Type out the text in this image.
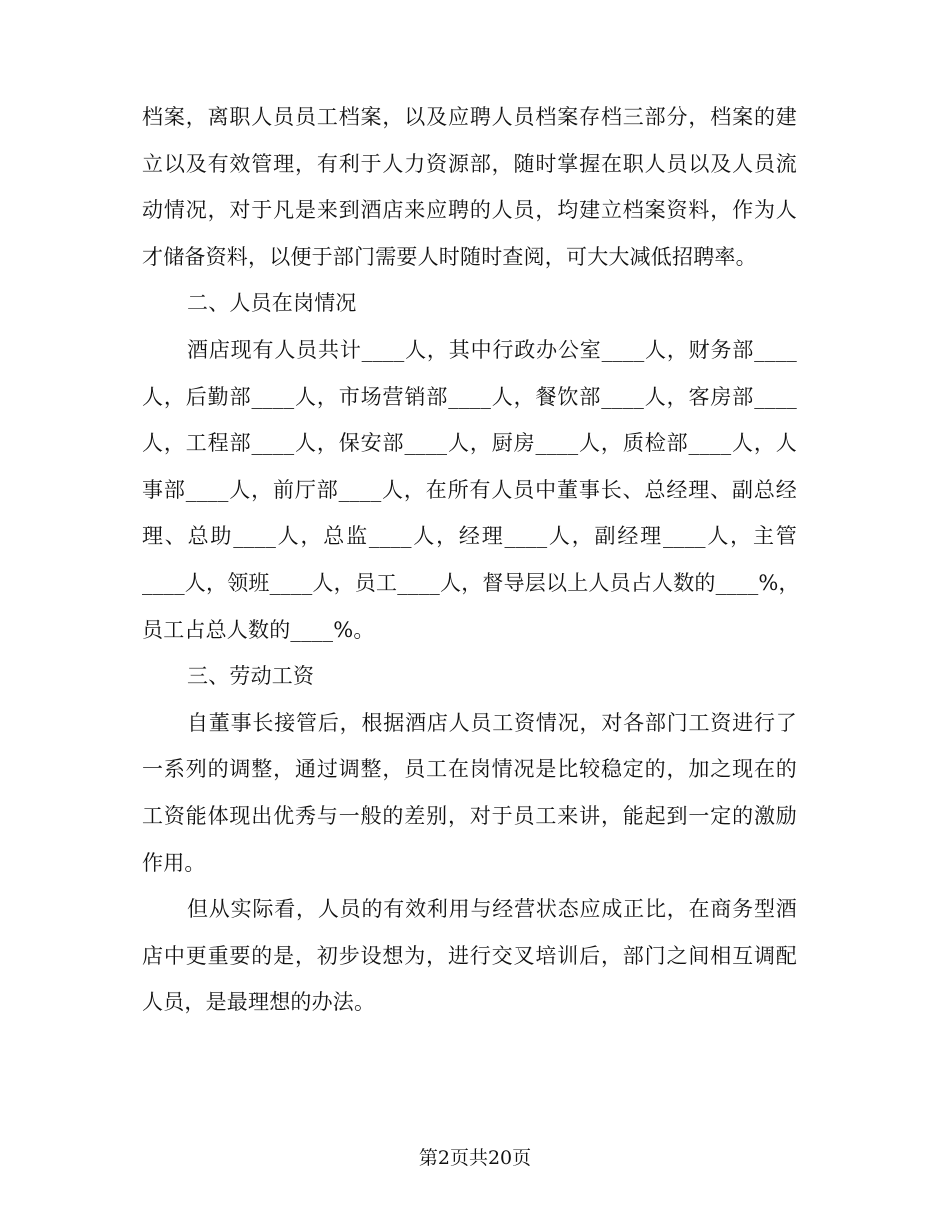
档案，离职人员员工档案，以及应聘人员档案存档三部分，档案的建
立以及有效管理，有利于人力资源部，随时掌握在职人员以及人员流
动情况，对于凡是来到酒店来应聘的人员，均建立档案资料，作为人
才储备资料，以便于部门需要人时随时查阅，可大大减低招聘率。
二、人员在岗情况
酒店现有人员共计____人，其中行政办公室____人，财务部____
人，后勤部____人，市场营销部____人，餐饮部____人，客房部____
人，工程部____人，保安部____人，厨房____人，质检部____人，人
事部____人，前厅部____人，在所有人员中董事长、总经理、副总经
理、总助____人，总监____人，经理____人，副经理____人，主管
____人，领班____人，员工____人，督导层以上人员占人数的____%，
员工占总人数的____%。
三、劳动工资
自董事长接管后，根据酒店人员工资情况，对各部门工资进行了
一系列的调整，通过调整，员工在岗情况是比较稳定的，加之现在的
工资能体现出优秀与一般的差别，对于员工来讲，能起到一定的激励
作用。
但从实际看，人员的有效利用与经营状态应成正比，在商务型酒
店中更重要的是，初步设想为，进行交叉培训后，部门之间相互调配
人员，是最理想的办法。
第2页共20页
